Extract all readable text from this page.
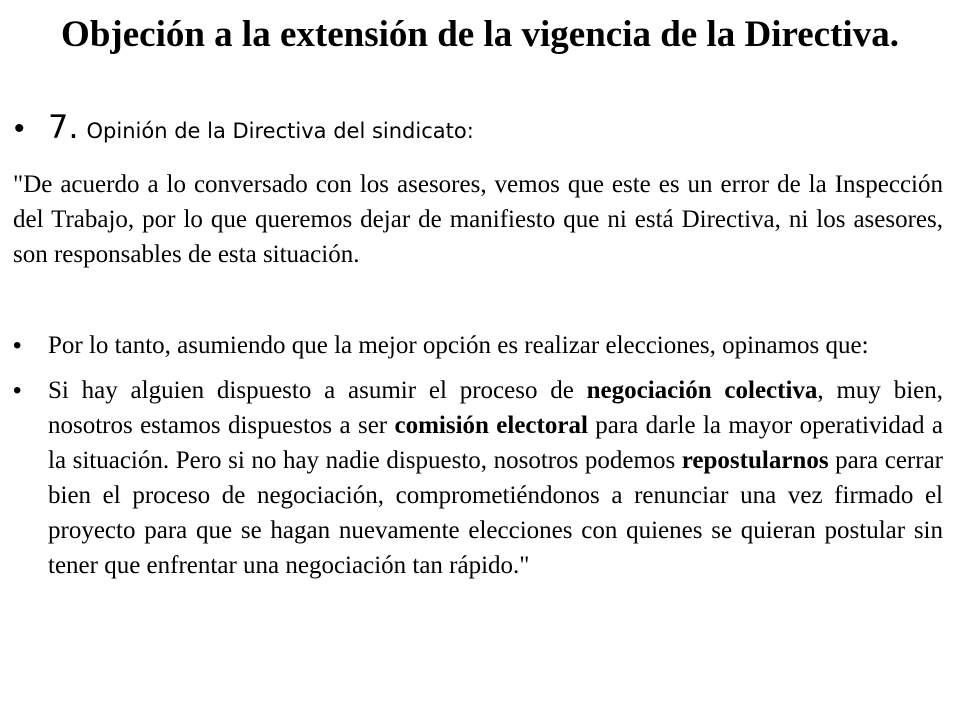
Objeción a la extensión de la vigencia de la Directiva.
• 7. Opinión de la Directiva del sindicato:

"De acuerdo a lo conversado con los asesores, vemos que este es un error de la Inspección del Trabajo, por lo que queremos dejar de manifiesto que ni está Directiva, ni los asesores, son responsables de esta situación.

• Por lo tanto, asumiendo que la mejor opción es realizar elecciones, opinamos que:
• Si hay alguien dispuesto a asumir el proceso de negociación colectiva, muy bien, nosotros estamos dispuestos a ser comisión electoral para darle la mayor operatividad a la situación. Pero si no hay nadie dispuesto, nosotros podemos repostularnos para cerrar bien el proceso de negociación, comprometiéndonos a renunciar una vez firmado el proyecto para que se hagan nuevamente elecciones con quienes se quieran postular sin tener que enfrentar una negociación tan rápido."
